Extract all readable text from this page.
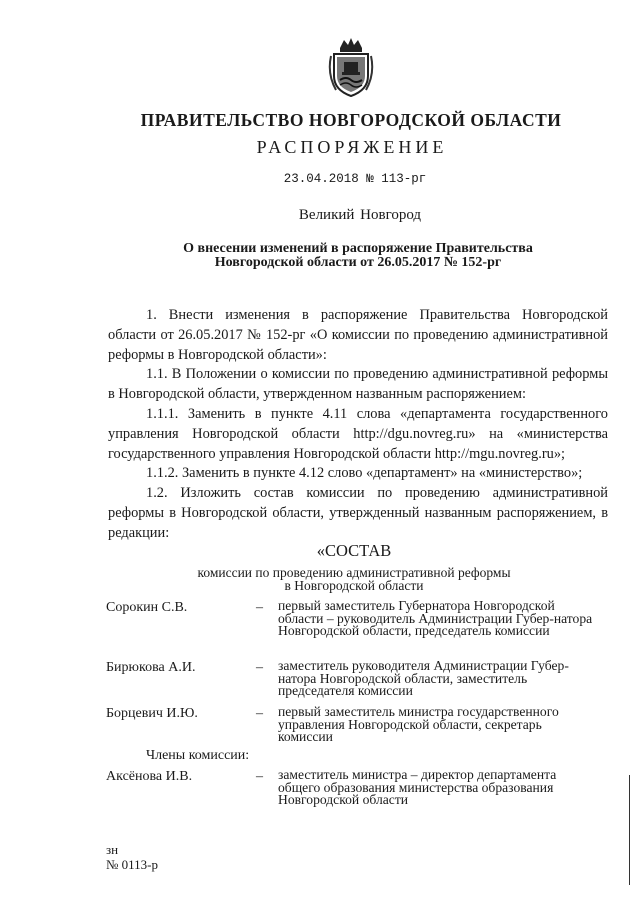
ПРАВИТЕЛЬСТВО НОВГОРОДСКОЙ ОБЛАСТИ
РАСПОРЯЖЕНИЕ
23.04.2018 № 113-рг
Великий Новгород
О внесении изменений в распоряжение Правительства
Новгородской области от 26.05.2017 № 152-рг

1. Внести изменения в распоряжение Правительства Новгородской области от 26.05.2017 № 152-рг «О комиссии по проведению административной реформы в Новгородской области»:

1.1. В Положении о комиссии по проведению административной реформы в Новгородской области, утвержденном названным распоряжением:

1.1.1. Заменить в пункте 4.11 слова «департамента государственного управления Новгородской области http://dgu.novreg.ru» на «министерства государственного управления Новгородской области http://mgu.novreg.ru»;

1.1.2. Заменить в пункте 4.12 слово «департамент» на «министерство»;

1.2. Изложить состав комиссии по проведению административной реформы в Новгородской области, утвержденный названным распоряжением, в редакции:

«СОСТАВ
комиссии по проведению административной реформы
в Новгородской области
Сорокин С.В.	– первый заместитель Губернатора Новгородской области – руководитель Администрации Губер-натора Новгородской области, председатель комиссии
Бирюкова А.И.	– заместитель руководителя Администрации Губер-натора Новгородской области, заместитель председателя комиссии
Борцевич И.Ю.	– первый заместитель министра государственного управления Новгородской области, секретарь комиссии
Члены комиссии:
Аксёнова И.В.	– заместитель министра – директор департамента общего образования министерства образования Новгородской области
зн
№ 0113-р
